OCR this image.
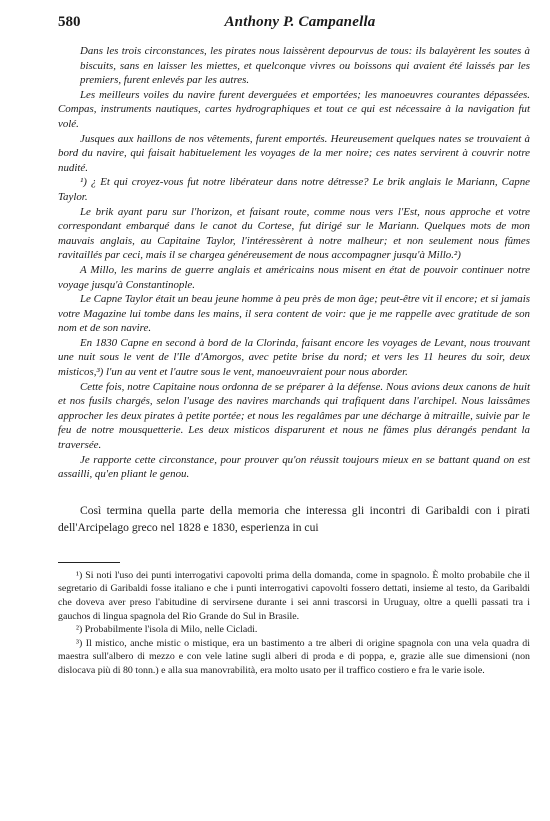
580	Anthony P. Campanella

Dans les trois circonstances, les pirates nous laissèrent depourvus de tous: ils balayèrent les soutes à biscuits, sans en laisser les miettes, et quelconque vivres ou boissons qui avaient été laissés par les premiers, furent enlevés par les autres.

Les meilleurs voiles du navire furent deverguées et emportées; les manoeuvres courantes dépassées. Compas, instruments nautiques, cartes hydrographiques et tout ce qui est nécessaire à la navigation fut volé.

Jusques aux haillons de nos vêtements, furent emportés. Heureusement quelques nates se trouvaient à bord du navire, qui faisait habituelement les voyages de la mer noire; ces nates servirent à couvrir notre nudité.

¹) ¿ Et qui croyez-vous fut notre libérateur dans notre détresse? Le brik anglais le Mariann, Capne Taylor.

Le brik ayant paru sur l'horizon, et faisant route, comme nous vers l'Est, nous approche et votre correspondant embarqué dans le canot du Cortese, fut dirigé sur le Mariann. Quelques mots de mon mauvais anglais, au Capitaine Taylor, l'intéressèrent à notre malheur; et non seulement nous fûmes ravitaillés par ceci, mais il se chargea généreusement de nous accompagner jusqu'à Millo.²)

A Millo, les marins de guerre anglais et américains nous misent en état de pouvoir continuer notre voyage jusqu'à Constantinople.

Le Capne Taylor était un beau jeune homme à peu près de mon âge; peut-être vit il encore; et si jamais votre Magazine lui tombe dans les mains, il sera content de voir: que je me rappelle avec gratitude de son nom et de son navire.

En 1830 Capne en second à bord de la Clorinda, faisant encore les voyages de Levant, nous trouvant une nuit sous le vent de l'Ile d'Amorgos, avec petite brise du nord; et vers les 11 heures du soir, deux misticos,³) l'un au vent et l'autre sous le vent, manoeuvraient pour nous aborder.

Cette fois, notre Capitaine nous ordonna de se préparer à la défense. Nous avions deux canons de huit et nos fusils chargés, selon l'usage des navires marchands qui trafiquent dans l'archipel. Nous laissâmes approcher les deux pirates à petite portée; et nous les regalâmes par une décharge à mitraille, suivie par le feu de notre mousquetterie. Les deux misticos disparurent et nous ne fâmes plus dérangés pendant la traversée.

Je rapporte cette circonstance, pour prouver qu'on réussit toujours mieux en se battant quand on est assailli, qu'en pliant le genou.

Così termina quella parte della memoria che interessa gli incontri di Garibaldi con i pirati dell'Arcipelago greco nel 1828 e 1830, esperienza in cui

¹) Si noti l'uso dei punti interrogativi capovolti prima della domanda, come in spagnolo. È molto probabile che il segretario di Garibaldi fosse italiano e che i punti interrogativi capovolti fossero dettati, insieme al testo, da Garibaldi che doveva aver preso l'abitudine di servirsene durante i sei anni trascorsi in Uruguay, oltre a quelli passati tra i gauchos di lingua spagnola del Rio Grande do Sul in Brasile.

²) Probabilmente l'isola di Milo, nelle Cicladi.

³) Il mistico, anche mistic o mistique, era un bastimento a tre alberi di origine spagnola con una vela quadra di maestra sull'albero di mezzo e con vele latine sugli alberi di proda e di poppa, e, grazie alle sue dimensioni (non dislocava più di 80 tonn.) e alla sua manovrabilità, era molto usato per il traffico costiero e fra le varie isole.
